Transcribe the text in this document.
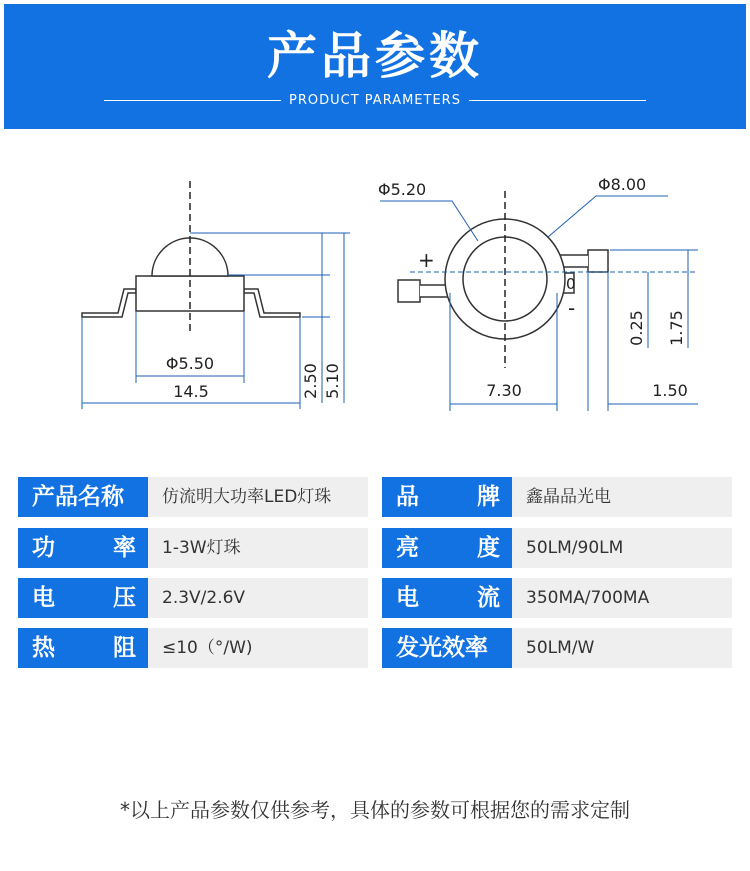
产品参数
PRODUCT PARAMETERS
Φ5.50
14.5	2.50 5.10
Φ5.20	Φ8.00
+
0
-
7.30	1.50
0.25 1.75
产品名称	仿流明大功率LED灯珠	品	牌	鑫晶品光电
功	率	1-3W灯珠	亮	度	50LM/90LM
电	压	2.3V/2.6V	电	流	350MA/700MA
热	阻	≤10（°/W)	发光效率	50LM/W
*以上产品参数仅供参考，具体的参数可根据您的需求定制
